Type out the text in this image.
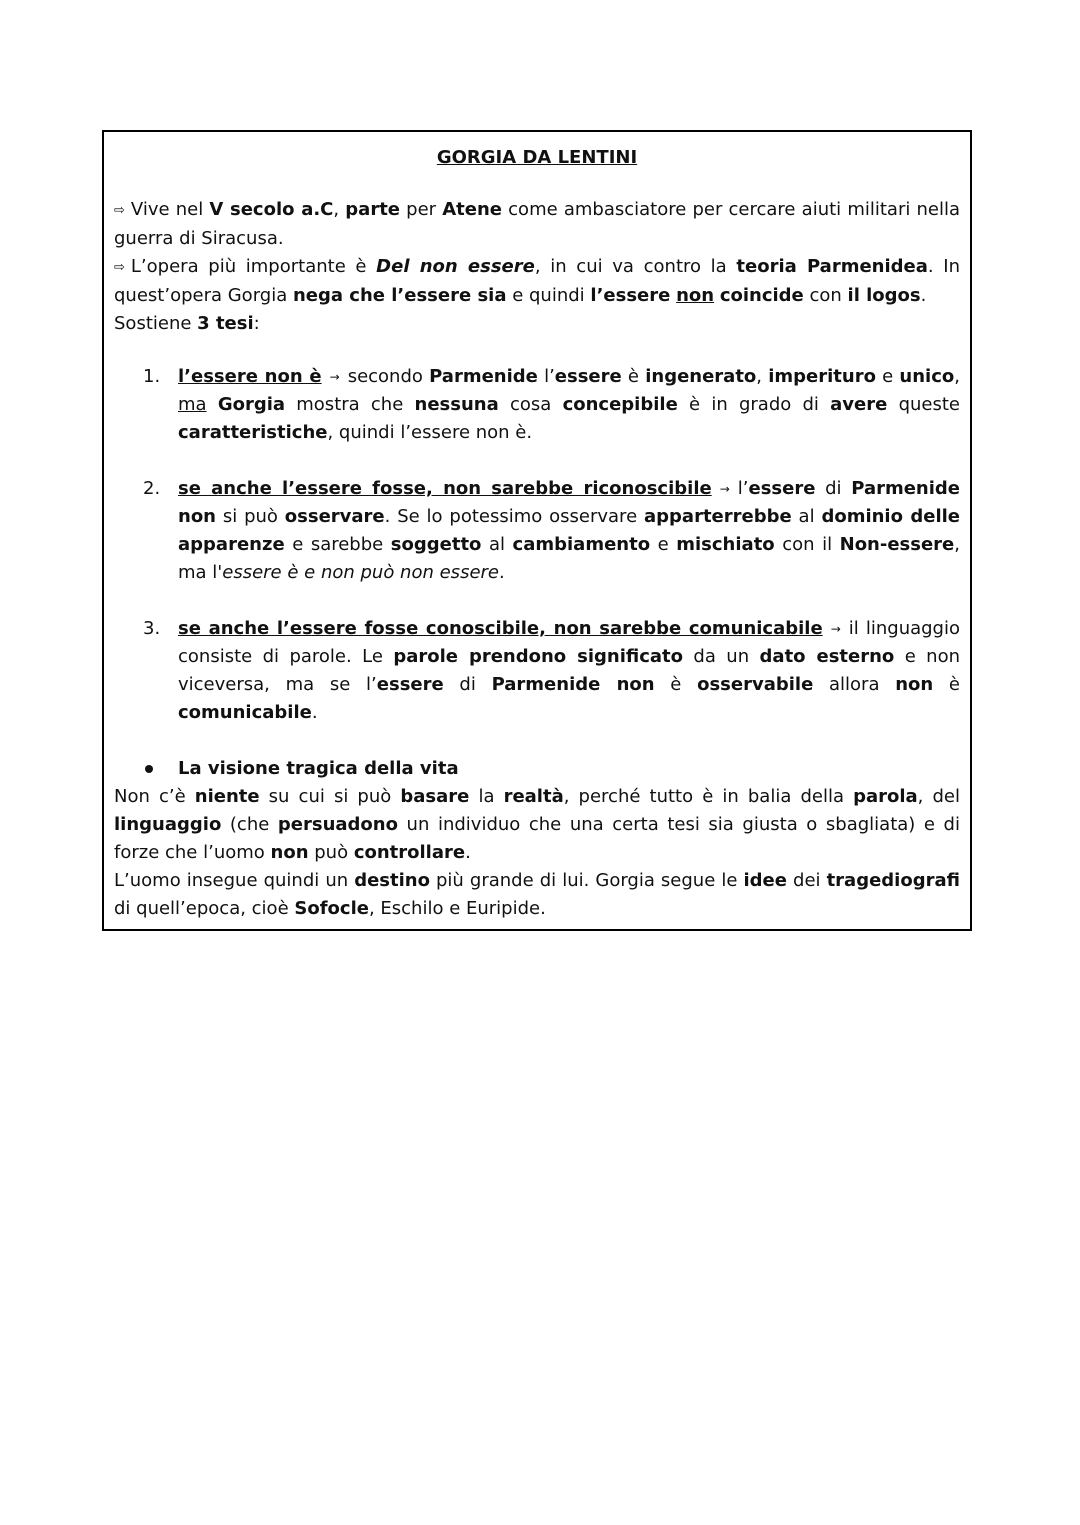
GORGIA DA LENTINI

⇨ Vive nel V secolo a.C, parte per Atene come ambasciatore per cercare aiuti militari nella guerra di Siracusa.

⇨ L’opera più importante è Del non essere, in cui va contro la teoria Parmenidea. In quest’opera Gorgia nega che l’essere sia e quindi l’essere non coincide con il logos.

Sostiene 3 tesi:

1. l’essere non è → secondo Parmenide l’essere è ingenerato, imperituro e unico, ma Gorgia mostra che nessuna cosa concepibile è in grado di avere queste caratteristiche, quindi l’essere non è.
2. se anche l’essere fosse, non sarebbe riconoscibile → l’essere di Parmenide non si può osservare. Se lo potessimo osservare apparterrebbe al dominio delle apparenze e sarebbe soggetto al cambiamento e mischiato con il Non-essere, ma l'essere è e non può non essere.
3. se anche l’essere fosse conoscibile, non sarebbe comunicabile → il linguaggio consiste di parole. Le parole prendono significato da un dato esterno e non viceversa, ma se l’essere di Parmenide non è osservabile allora non è comunicabile.

La visione tragica della vita

Non c’è niente su cui si può basare la realtà, perché tutto è in balia della parola, del linguaggio (che persuadono un individuo che una certa tesi sia giusta o sbagliata) e di forze che l’uomo non può controllare.

L’uomo insegue quindi un destino più grande di lui. Gorgia segue le idee dei tragediografi di quell’epoca, cioè Sofocle, Eschilo e Euripide.
